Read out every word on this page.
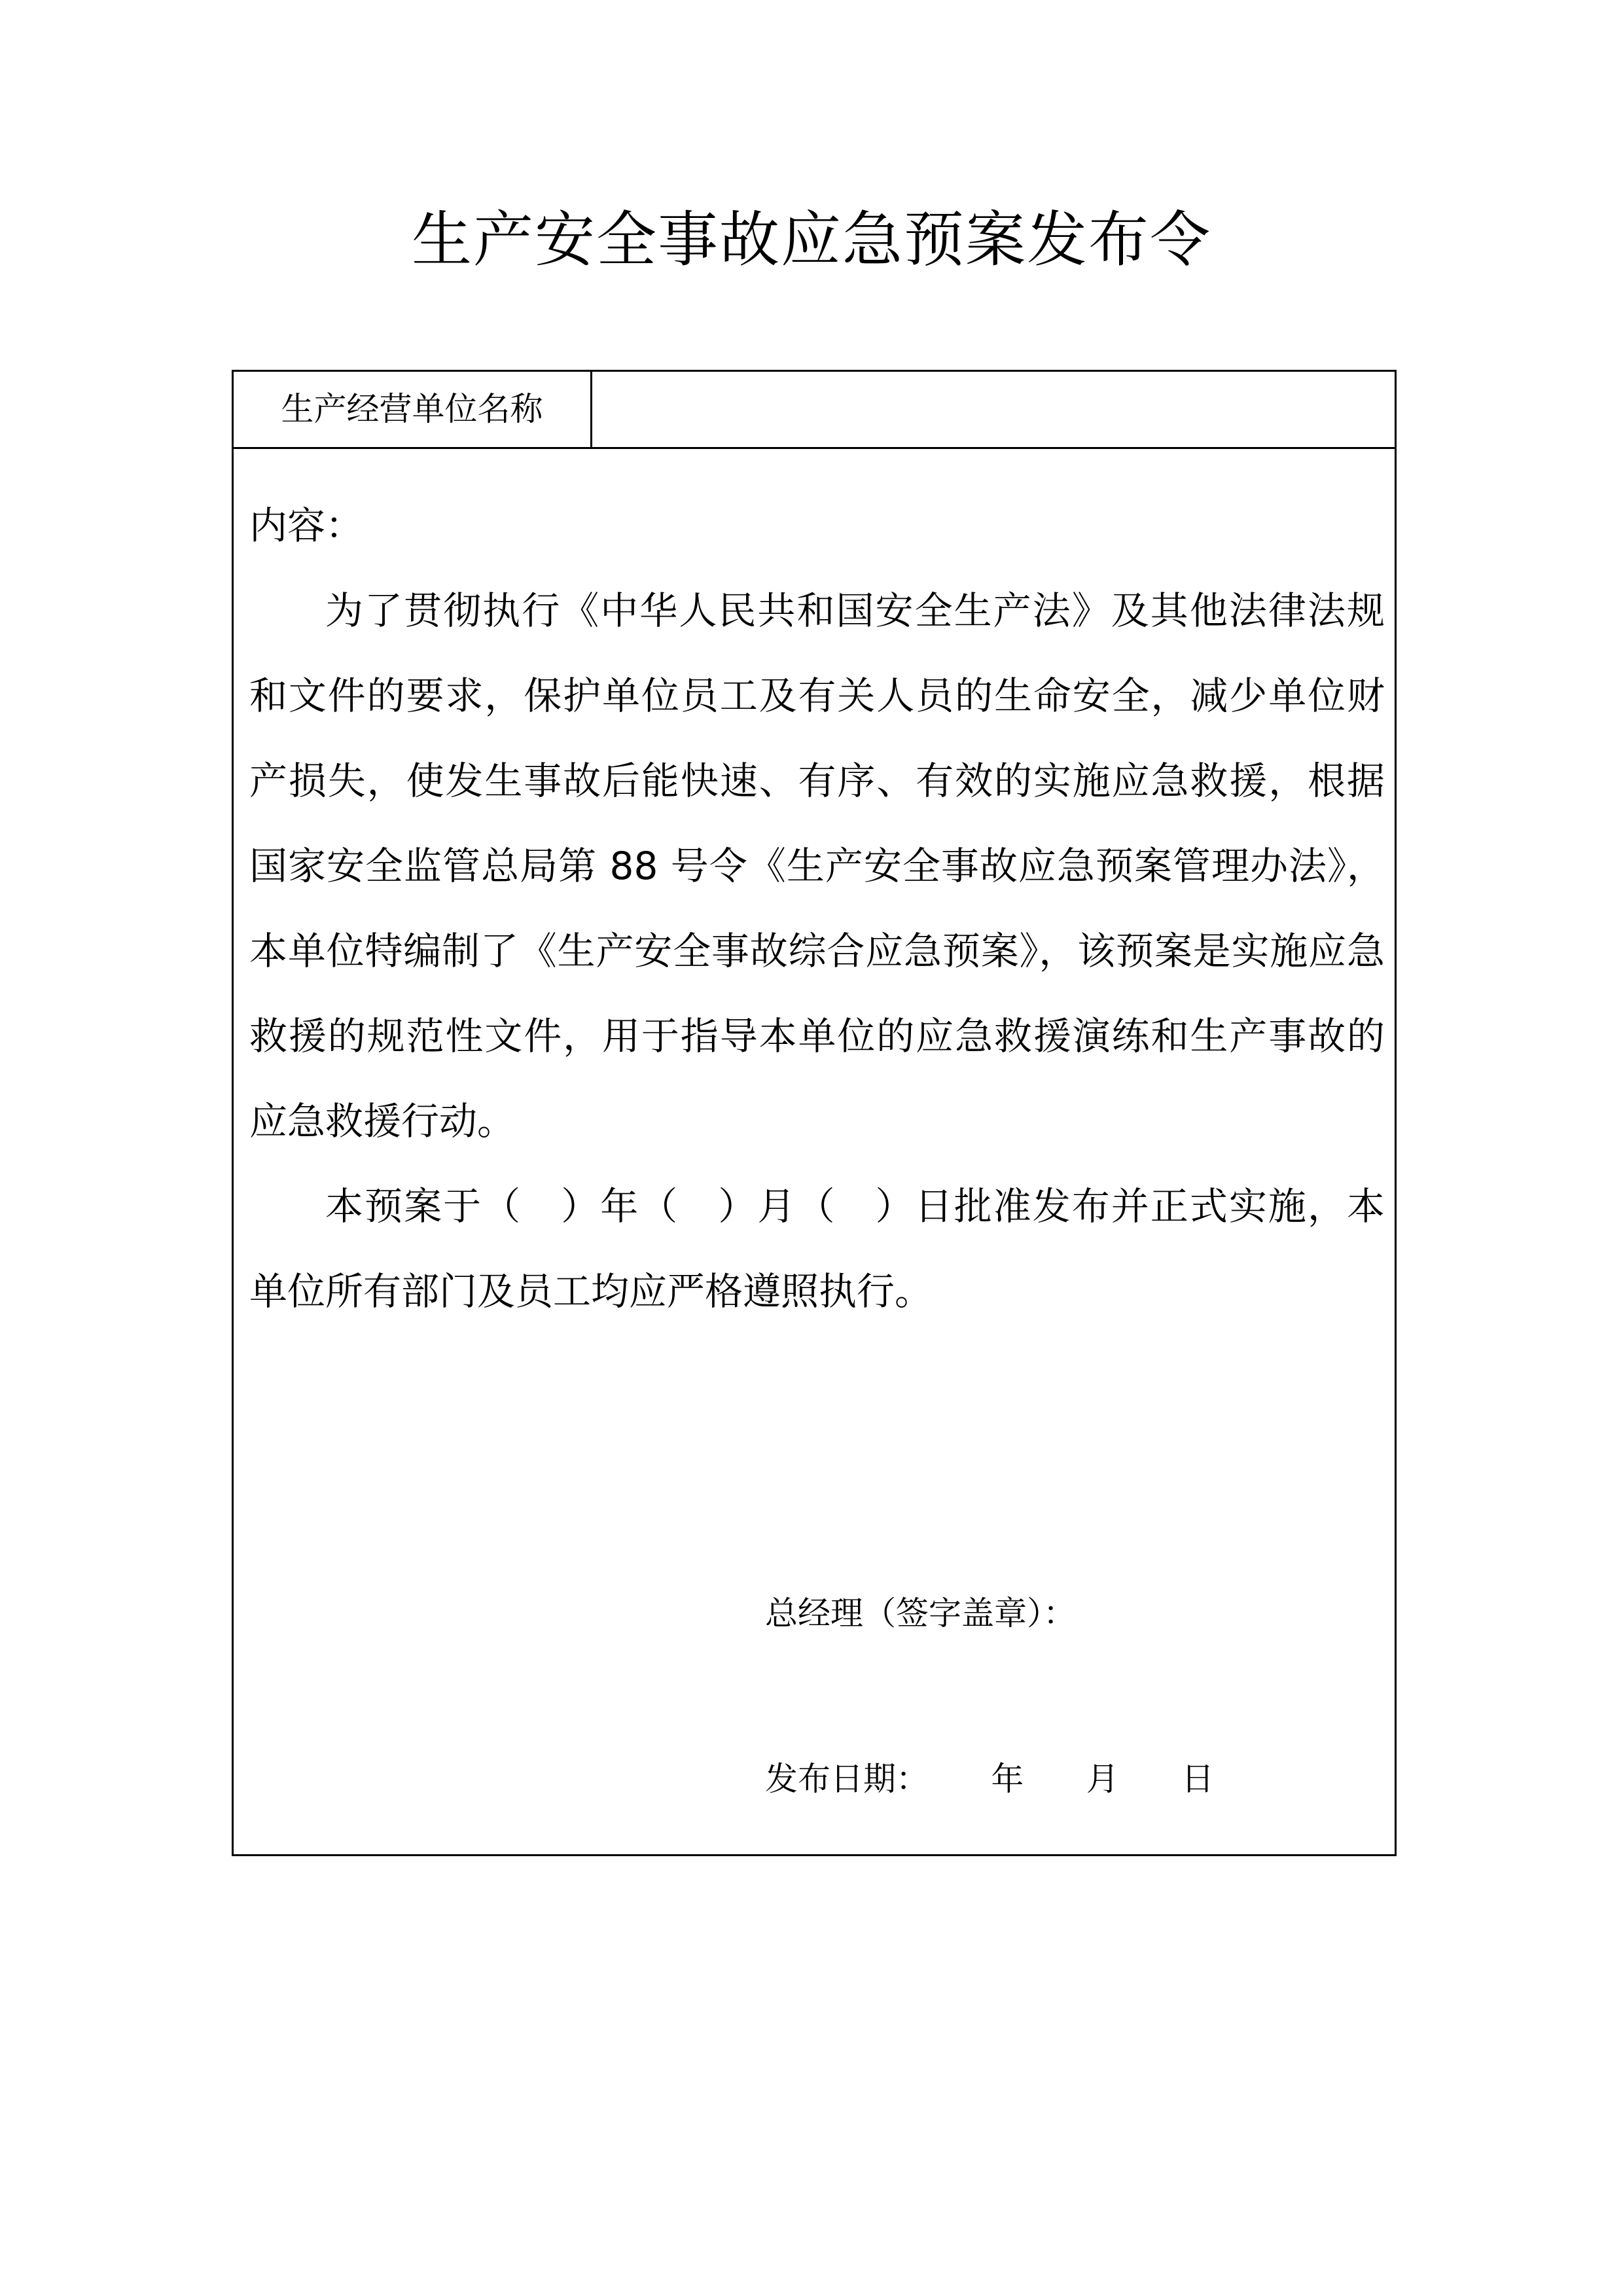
生产安全事故应急预案发布令
生产经营单位名称

内容：

为了贯彻执行《中华人民共和国安全生产法》及其他法律法规和文件的要求，保护单位员工及有关人员的生命安全，减少单位财产损失，使发生事故后能快速、有序、有效的实施应急救援，根据国家安全监管总局第 88 号令《生产安全事故应急预案管理办法》，本单位特编制了《生产安全事故综合应急预案》，该预案是实施应急救援的规范性文件，用于指导本单位的应急救援演练和生产事故的应急救援行动。

本预案于（　）年（　）月（　）日批准发布并正式实施，本单位所有部门及员工均应严格遵照执行。

总经理（签字盖章）：
发布日期： 年 月 日
